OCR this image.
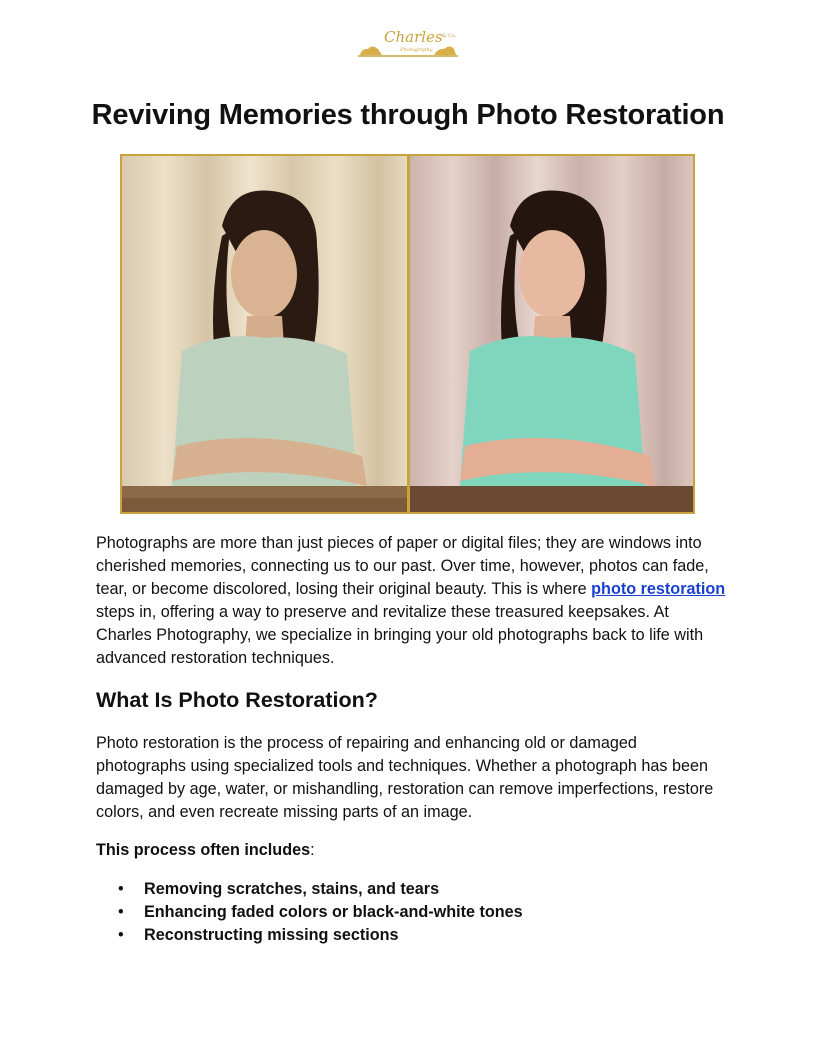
Charles & Co.
Photography
Reviving Memories through Photo Restoration

Photographs are more than just pieces of paper or digital files; they are windows into cherished memories, connecting us to our past. Over time, however, photos can fade, tear, or become discolored, losing their original beauty. This is where photo restoration steps in, offering a way to preserve and revitalize these treasured keepsakes. At Charles Photography, we specialize in bringing your old photographs back to life with advanced restoration techniques.

What Is Photo Restoration?

Photo restoration is the process of repairing and enhancing old or damaged photographs using specialized tools and techniques. Whether a photograph has been damaged by age, water, or mishandling, restoration can remove imperfections, restore colors, and even recreate missing parts of an image.

This process often includes:

• Removing scratches, stains, and tears
• Enhancing faded colors or black-and-white tones
• Reconstructing missing sections
